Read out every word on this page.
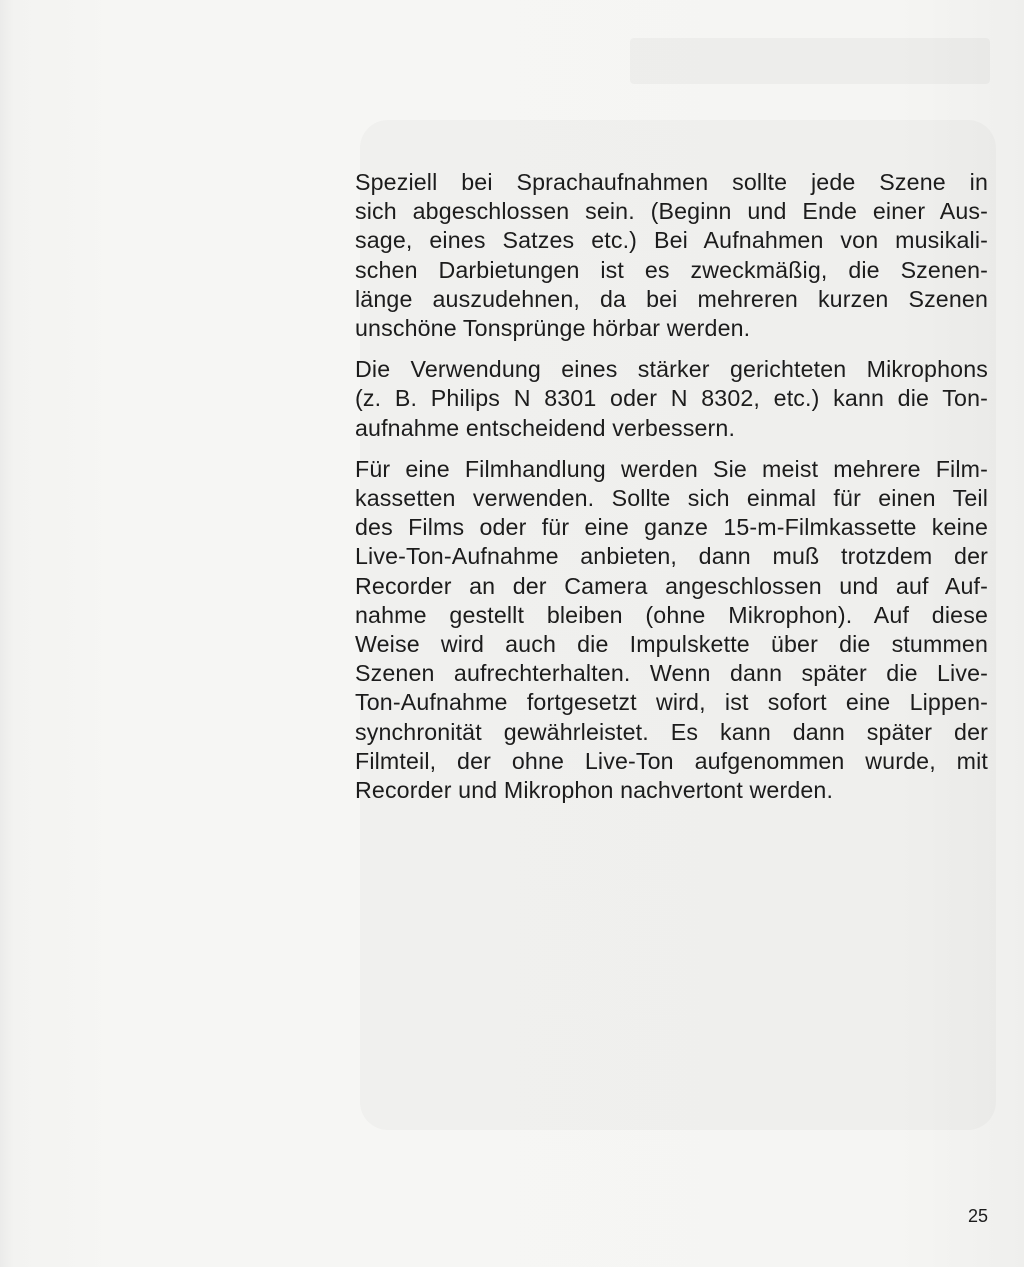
Speziell bei Sprachaufnahmen sollte jede Szene in
sich abgeschlossen sein. (Beginn und Ende einer Aus-
sage, eines Satzes etc.) Bei Aufnahmen von musikali-
schen Darbietungen ist es zweckmäßig, die Szenen-
länge auszudehnen, da bei mehreren kurzen Szenen
unschöne Tonsprünge hörbar werden.

Die Verwendung eines stärker gerichteten Mikrophons
(z. B. Philips N 8301 oder N 8302, etc.) kann die Ton-
aufnahme entscheidend verbessern.

Für eine Filmhandlung werden Sie meist mehrere Film-
kassetten verwenden. Sollte sich einmal für einen Teil
des Films oder für eine ganze 15-m-Filmkassette keine
Live-Ton-Aufnahme anbieten, dann muß trotzdem der
Recorder an der Camera angeschlossen und auf Auf-
nahme gestellt bleiben (ohne Mikrophon). Auf diese
Weise wird auch die Impulskette über die stummen
Szenen aufrechterhalten. Wenn dann später die Live-
Ton-Aufnahme fortgesetzt wird, ist sofort eine Lippen-
synchronität gewährleistet. Es kann dann später der
Filmteil, der ohne Live-Ton aufgenommen wurde, mit
Recorder und Mikrophon nachvertont werden.

25
